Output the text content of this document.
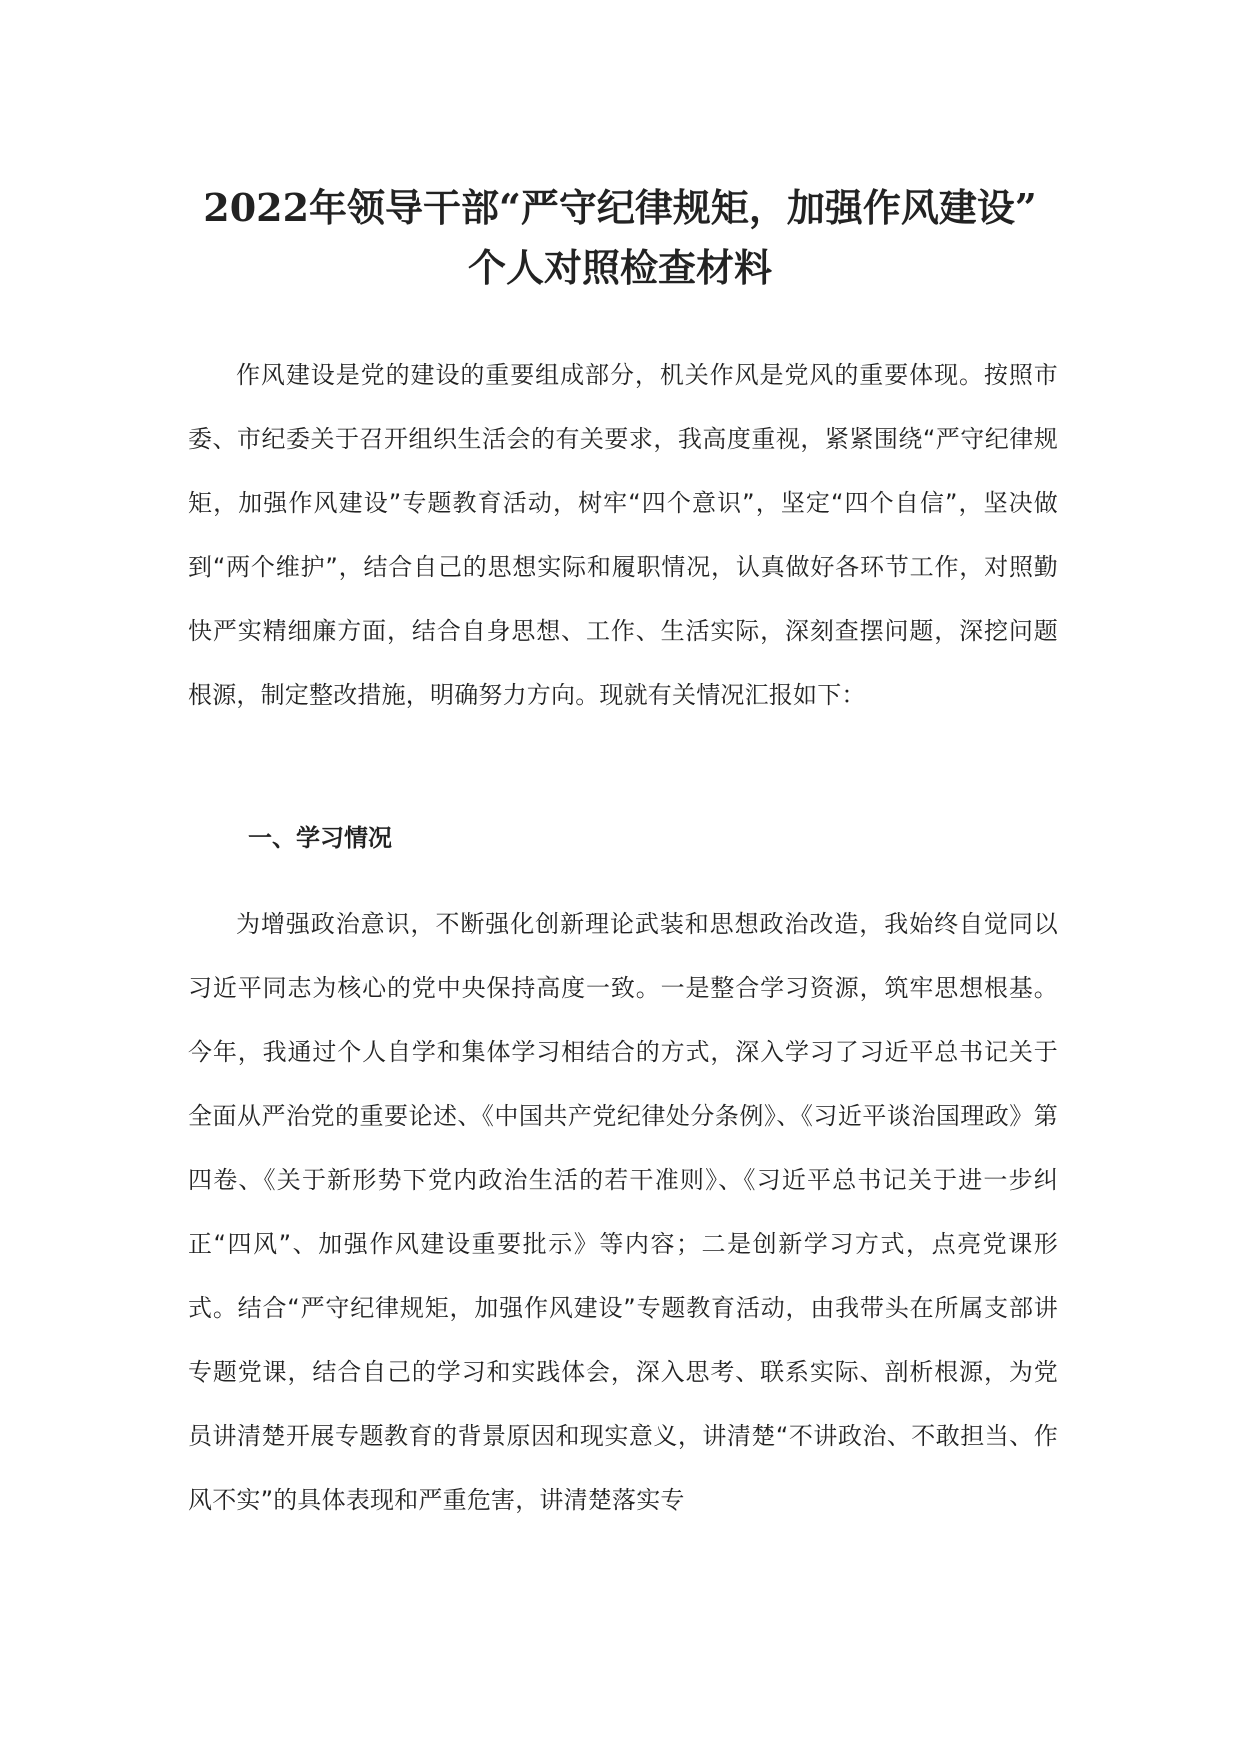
2022年领导干部“严守纪律规矩，加强作风建设”
个人对照检查材料

作风建设是党的建设的重要组成部分，机关作风是党风的重要体现。按照市委、市纪委关于召开组织生活会的有关要求，我高度重视，紧紧围绕“严守纪律规矩，加强作风建设”专题教育活动，树牢“四个意识”，坚定“四个自信”，坚决做到“两个维护”，结合自己的思想实际和履职情况，认真做好各环节工作，对照勤快严实精细廉方面，结合自身思想、工作、生活实际，深刻查摆问题，深挖问题根源，制定整改措施，明确努力方向。现就有关情况汇报如下：

一、学习情况

为增强政治意识，不断强化创新理论武装和思想政治改造，我始终自觉同以习近平同志为核心的党中央保持高度一致。一是整合学习资源，筑牢思想根基。今年，我通过个人自学和集体学习相结合的方式，深入学习了习近平总书记关于全面从严治党的重要论述、《中国共产党纪律处分条例》、《习近平谈治国理政》第四卷、《关于新形势下党内政治生活的若干准则》、《习近平总书记关于进一步纠正“四风”、加强作风建设重要批示》等内容；二是创新学习方式，点亮党课形式。结合“严守纪律规矩，加强作风建设”专题教育活动，由我带头在所属支部讲专题党课，结合自己的学习和实践体会，深入思考、联系实际、剖析根源，为党员讲清楚开展专题教育的背景原因和现实意义，讲清楚“不讲政治、不敢担当、作风不实”的具体表现和严重危害，讲清楚落实专
